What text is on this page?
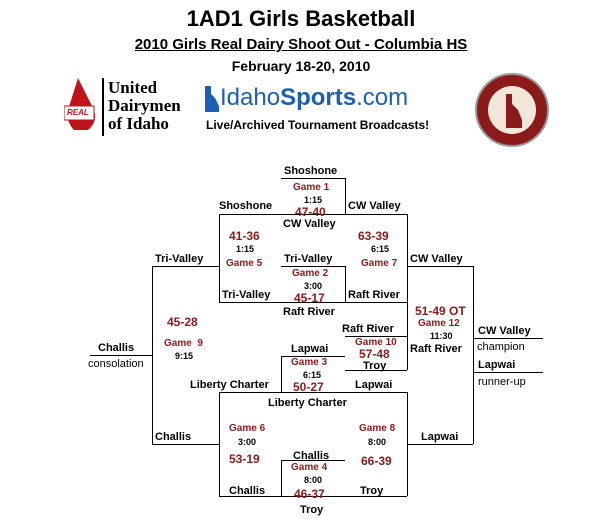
1AD1 Girls Basketball
2010 Girls Real Dairy Shoot Out - Columbia HS
February 18-20, 2010
REAL
United
Dairymen
of Idaho
IdahoSports.com
Live/Archived Tournament Broadcasts!
Shoshone
Game 1
1:15
47-40
CW Valley
Shoshone
41-36
1:15
Game 5
Tri-Valley
CW Valley
63-39
6:15
Game 7
Raft River
CW Valley
Tri-Valley
Game 2
3:00
45-17
Raft River
Tri-Valley
45-28
Game  9
9:15
Challis
Challis
consolation
Raft River
Game 10
57-48
Troy
51-49 OT
Game 12
11:30
Raft River
CW Valley
champion
Lapwai
runner-up
Lapwai
Game 3
6:15
50-27
Liberty Charter	Lapwai
Liberty Charter
Game 6
3:00
53-19
Challis
Game 8
8:00
66-39
Troy
Lapwai
Challis
Game 4
8:00
46-37
Troy
